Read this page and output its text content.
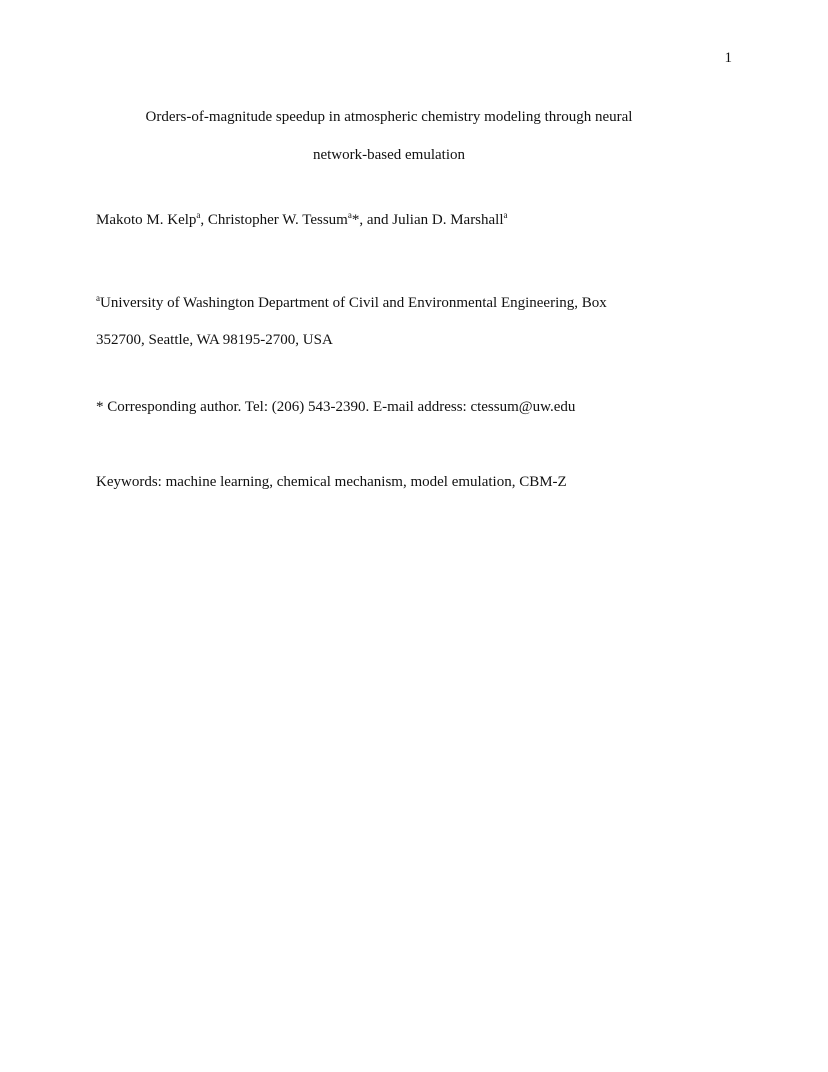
1
Orders-of-magnitude speedup in atmospheric chemistry modeling through neural
network-based emulation
Makoto M. Kelp$^a$, Christopher W. Tessum$^a$*, and Julian D. Marshall$^a$
$^a$University of Washington Department of Civil and Environmental Engineering, Box
352700, Seattle, WA 98195-2700, USA
* Corresponding author. Tel: (206) 543-2390. E-mail address: ctessum@uw.edu
Keywords: machine learning, chemical mechanism, model emulation, CBM-Z
